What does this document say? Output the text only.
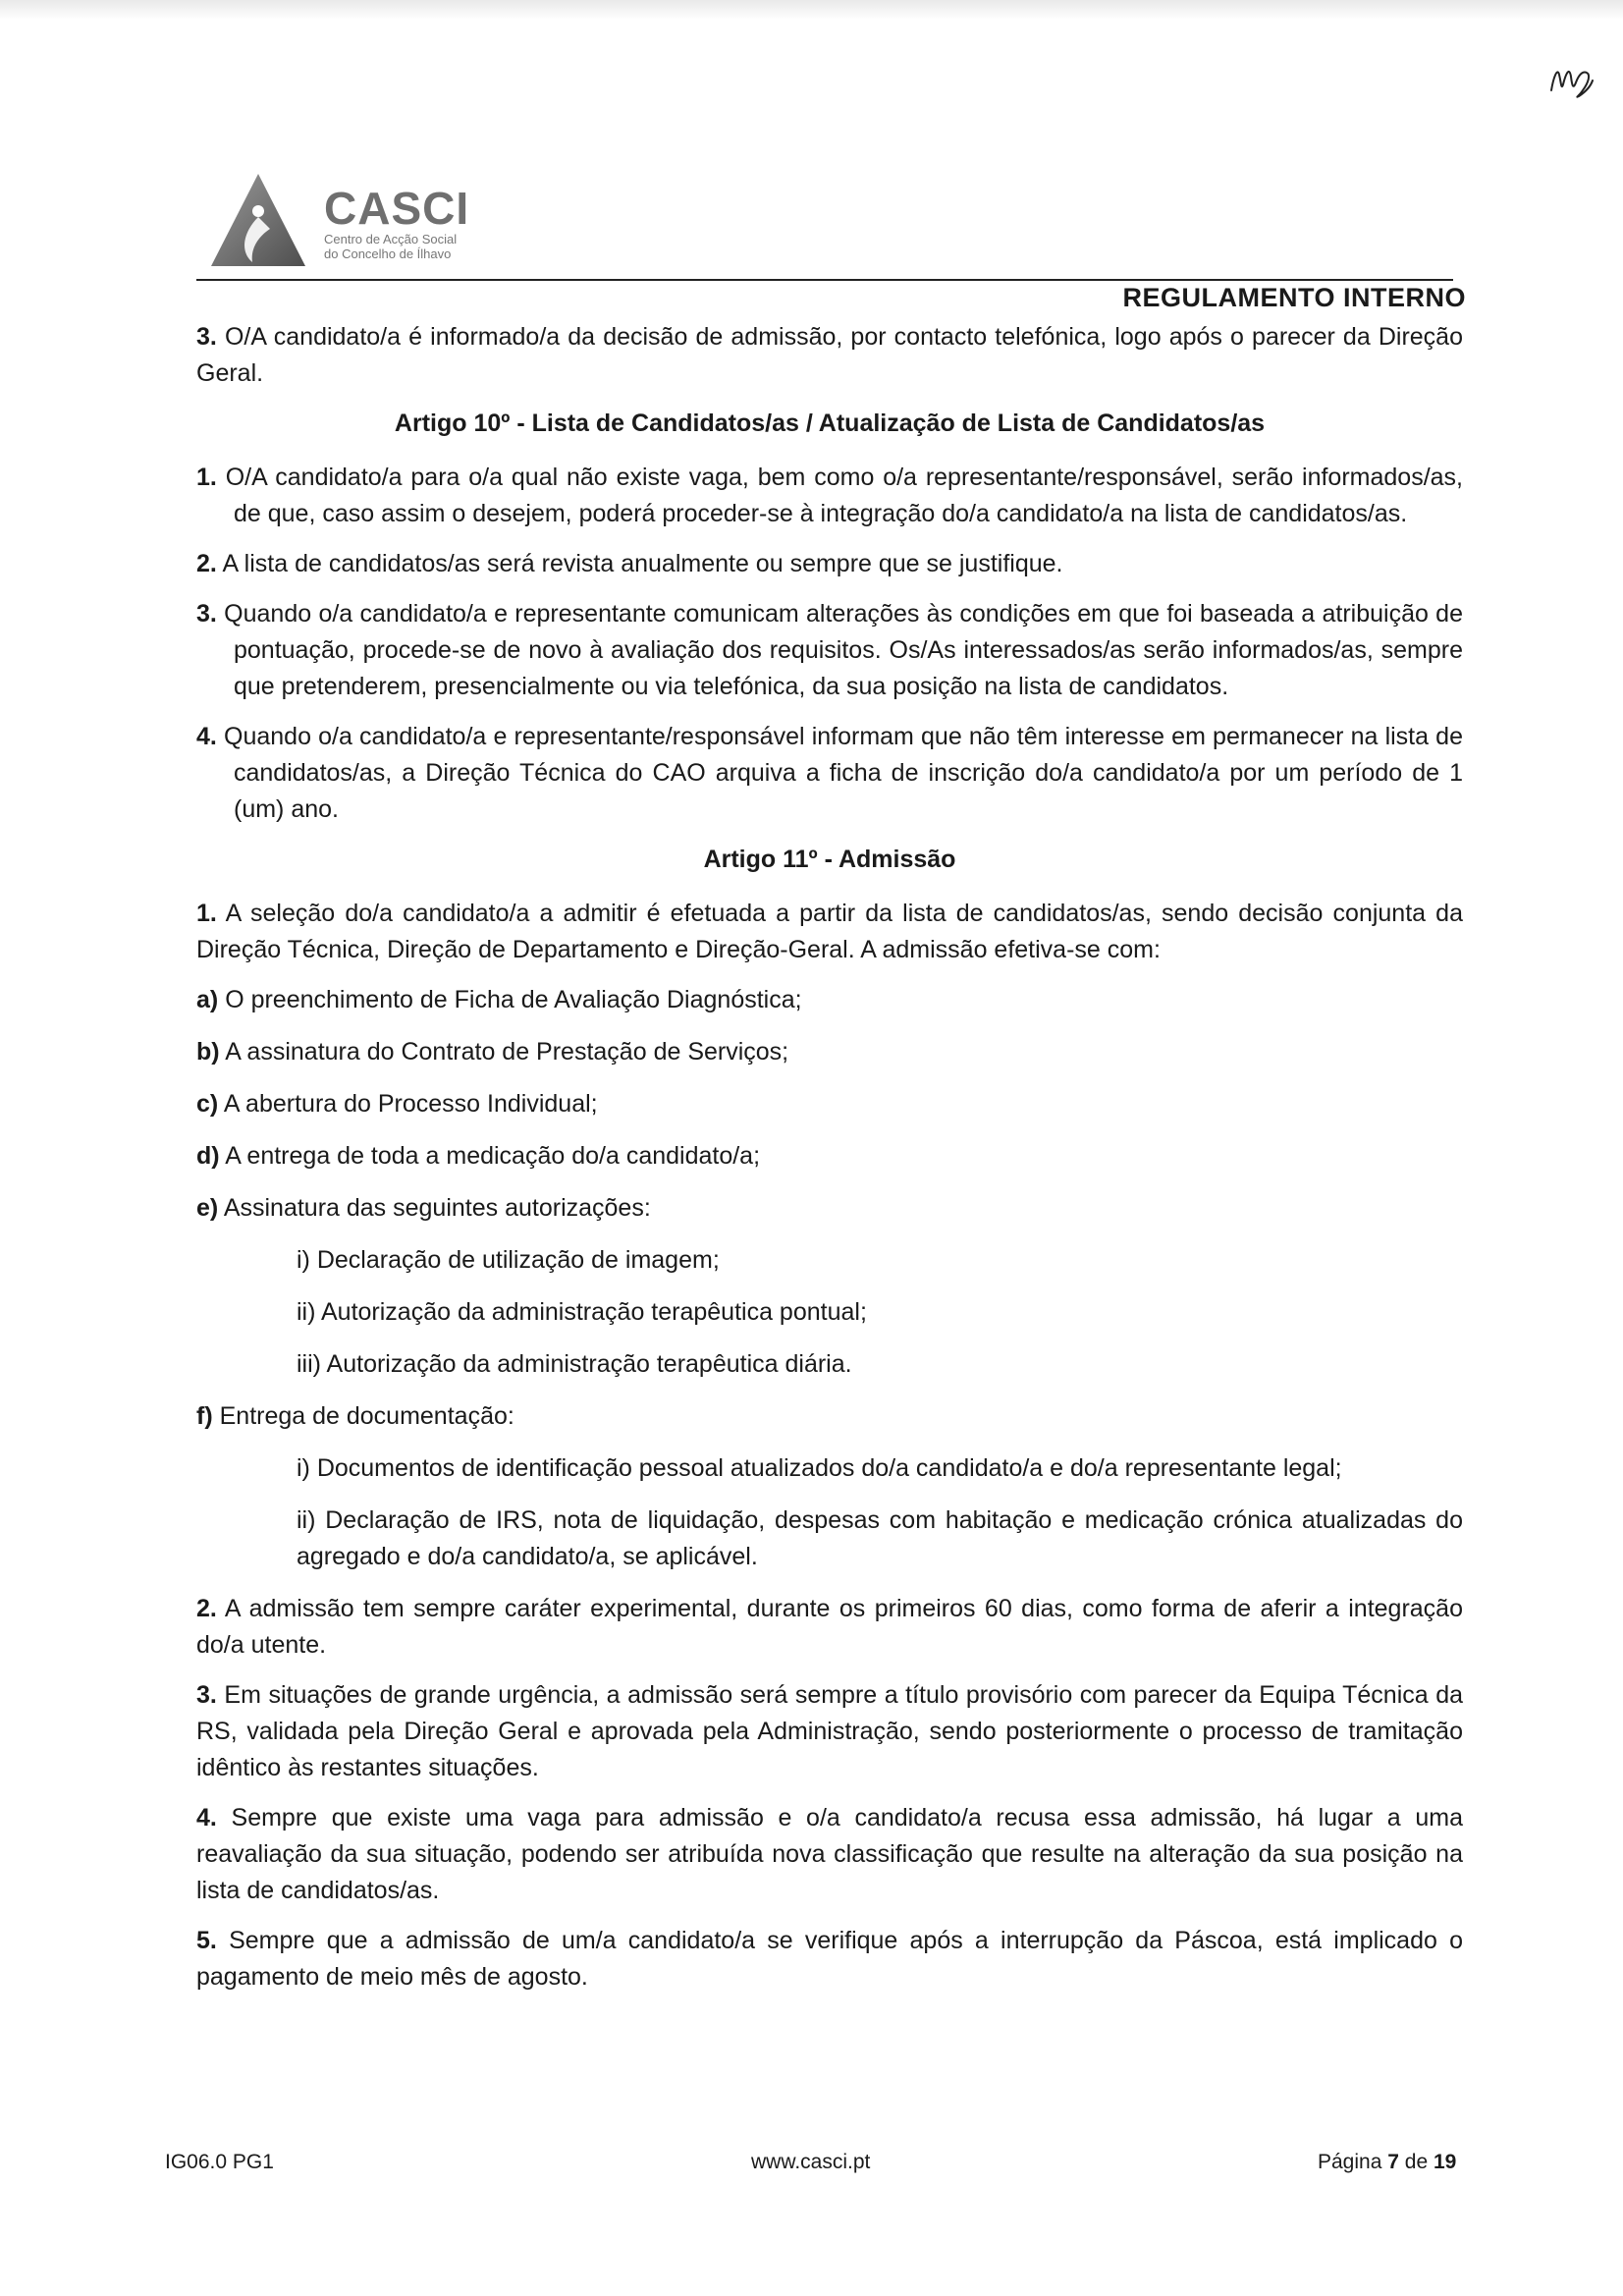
CASCI
Centro de Acção Social
do Concelho de Ílhavo
REGULAMENTO INTERNO

3. O/A candidato/a é informado/a da decisão de admissão, por contacto telefónica, logo após o parecer da Direção Geral.

Artigo 10º - Lista de Candidatos/as / Atualização de Lista de Candidatos/as

1. O/A candidato/a para o/a qual não existe vaga, bem como o/a representante/responsável, serão informados/as, de que, caso assim o desejem, poderá proceder-se à integração do/a candidato/a na lista de candidatos/as.

2. A lista de candidatos/as será revista anualmente ou sempre que se justifique.

3. Quando o/a candidato/a e representante comunicam alterações às condições em que foi baseada a atribuição de pontuação, procede-se de novo à avaliação dos requisitos. Os/As interessados/as serão informados/as, sempre que pretenderem, presencialmente ou via telefónica, da sua posição na lista de candidatos.

4. Quando o/a candidato/a e representante/responsável informam que não têm interesse em permanecer na lista de candidatos/as, a Direção Técnica do CAO arquiva a ficha de inscrição do/a candidato/a por um período de 1 (um) ano.

Artigo 11º - Admissão

1. A seleção do/a candidato/a a admitir é efetuada a partir da lista de candidatos/as, sendo decisão conjunta da Direção Técnica, Direção de Departamento e Direção-Geral. A admissão efetiva-se com:

a) O preenchimento de Ficha de Avaliação Diagnóstica;

b) A assinatura do Contrato de Prestação de Serviços;

c) A abertura do Processo Individual;

d) A entrega de toda a medicação do/a candidato/a;

e) Assinatura das seguintes autorizações:

i) Declaração de utilização de imagem;

ii) Autorização da administração terapêutica pontual;

iii) Autorização da administração terapêutica diária.

f) Entrega de documentação:

i) Documentos de identificação pessoal atualizados do/a candidato/a e do/a representante legal;

ii) Declaração de IRS, nota de liquidação, despesas com habitação e medicação crónica atualizadas do agregado e do/a candidato/a, se aplicável.

2. A admissão tem sempre caráter experimental, durante os primeiros 60 dias, como forma de aferir a integração do/a utente.

3. Em situações de grande urgência, a admissão será sempre a título provisório com parecer da Equipa Técnica da RS, validada pela Direção Geral e aprovada pela Administração, sendo posteriormente o processo de tramitação idêntico às restantes situações.

4. Sempre que existe uma vaga para admissão e o/a candidato/a recusa essa admissão, há lugar a uma reavaliação da sua situação, podendo ser atribuída nova classificação que resulte na alteração da sua posição na lista de candidatos/as.

5. Sempre que a admissão de um/a candidato/a se verifique após a interrupção da Páscoa, está implicado o pagamento de meio mês de agosto.

IG06.0 PG1	www.casci.pt	Página 7 de 19
